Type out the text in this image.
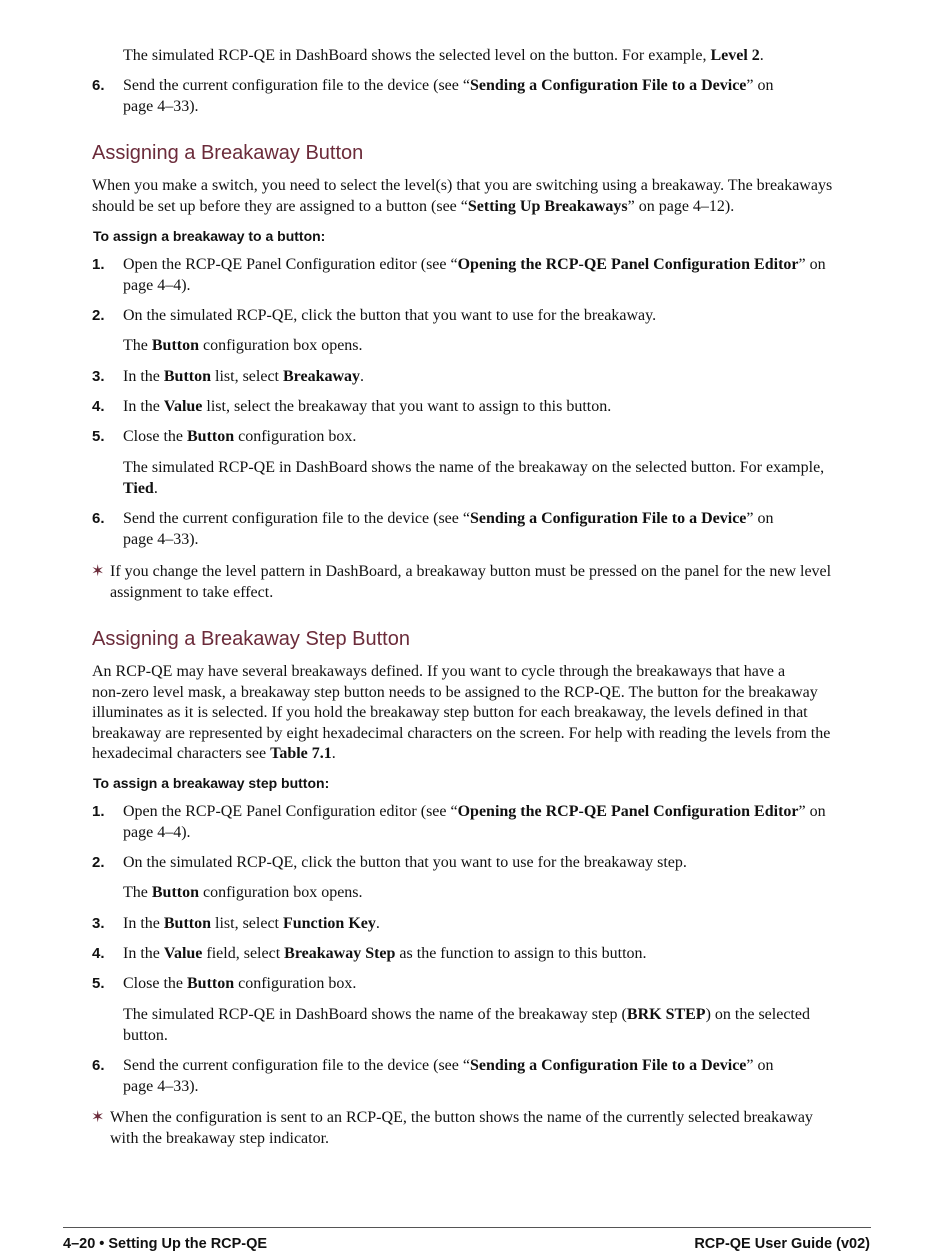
The simulated RCP-QE in DashBoard shows the selected level on the button. For example, Level 2.
6. Send the current configuration file to the device (see “Sending a Configuration File to a Device” on
page 4–33).
Assigning a Breakaway Button
When you make a switch, you need to select the level(s) that you are switching using a breakaway. The breakaways
should be set up before they are assigned to a button (see “Setting Up Breakaways” on page 4–12).
To assign a breakaway to a button:
1. Open the RCP-QE Panel Configuration editor (see “Opening the RCP-QE Panel Configuration Editor” on
page 4–4).
2. On the simulated RCP-QE, click the button that you want to use for the breakaway.
The Button configuration box opens.
3. In the Button list, select Breakaway.
4. In the Value list, select the breakaway that you want to assign to this button.
5. Close the Button configuration box.
The simulated RCP-QE in DashBoard shows the name of the breakaway on the selected button. For example,
Tied.
6. Send the current configuration file to the device (see “Sending a Configuration File to a Device” on
page 4–33).
✶ If you change the level pattern in DashBoard, a breakaway button must be pressed on the panel for the new level
assignment to take effect.
Assigning a Breakaway Step Button
An RCP-QE may have several breakaways defined. If you want to cycle through the breakaways that have a
non-zero level mask, a breakaway step button needs to be assigned to the RCP-QE. The button for the breakaway
illuminates as it is selected. If you hold the breakaway step button for each breakaway, the levels defined in that
breakaway are represented by eight hexadecimal characters on the screen. For help with reading the levels from the
hexadecimal characters see Table 7.1.
To assign a breakaway step button:
1. Open the RCP-QE Panel Configuration editor (see “Opening the RCP-QE Panel Configuration Editor” on
page 4–4).
2. On the simulated RCP-QE, click the button that you want to use for the breakaway step.
The Button configuration box opens.
3. In the Button list, select Function Key.
4. In the Value field, select Breakaway Step as the function to assign to this button.
5. Close the Button configuration box.
The simulated RCP-QE in DashBoard shows the name of the breakaway step (BRK STEP) on the selected
button.
6. Send the current configuration file to the device (see “Sending a Configuration File to a Device” on
page 4–33).
✶ When the configuration is sent to an RCP-QE, the button shows the name of the currently selected breakaway
with the breakaway step indicator.
4–20 • Setting Up the RCP-QE	RCP-QE User Guide (v02)
